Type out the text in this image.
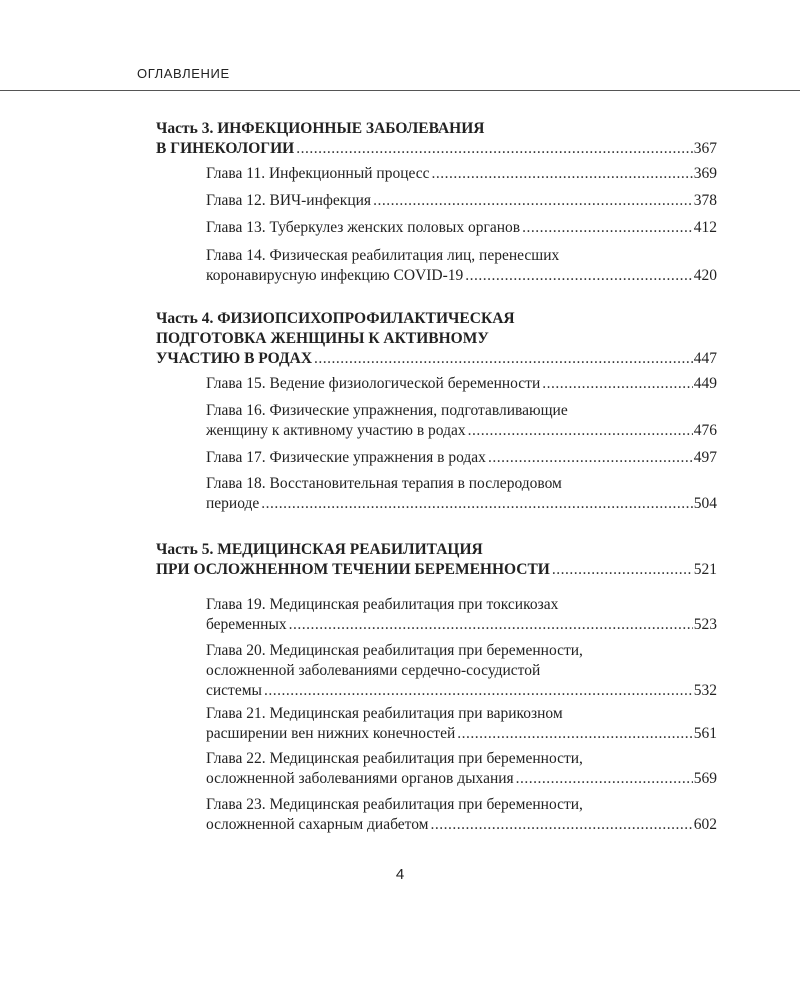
ОГЛАВЛЕНИЕ
Часть 3. ИНФЕКЦИОННЫЕ ЗАБОЛЕВАНИЯ
В ГИНЕКОЛОГИИ .....	367
Глава 11. Инфекционный процесс .....	369
Глава 12. ВИЧ-инфекция .....	378
Глава 13. Туберкулез женских половых органов .....	412
Глава 14. Физическая реабилитация лиц, перенесших
коронавирусную инфекцию COVID-19 .....	420
Часть 4. ФИЗИОПСИХОПРОФИЛАКТИЧЕСКАЯ
ПОДГОТОВКА ЖЕНЩИНЫ К АКТИВНОМУ
УЧАСТИЮ В РОДАХ .....	447
Глава 15. Ведение физиологической беременности .....	449
Глава 16. Физические упражнения, подготавливающие
женщину к активному участию в родах .....	476
Глава 17. Физические упражнения в родах .....	497
Глава 18. Восстановительная терапия в послеродовом
периоде .....	504
Часть 5. МЕДИЦИНСКАЯ РЕАБИЛИТАЦИЯ
ПРИ ОСЛОЖНЕННОМ ТЕЧЕНИИ БЕРЕМЕННОСТИ .....	521
Глава 19. Медицинская реабилитация при токсикозах
беременных .....	523
Глава 20. Медицинская реабилитация при беременности,
осложненной заболеваниями сердечно-сосудистой
системы .....	532
Глава 21. Медицинская реабилитация при варикозном
расширении вен нижних конечностей .....	561
Глава 22. Медицинская реабилитация при беременности,
осложненной заболеваниями органов дыхания .....	569
Глава 23. Медицинская реабилитация при беременности,
осложненной сахарным диабетом .....	602
4
